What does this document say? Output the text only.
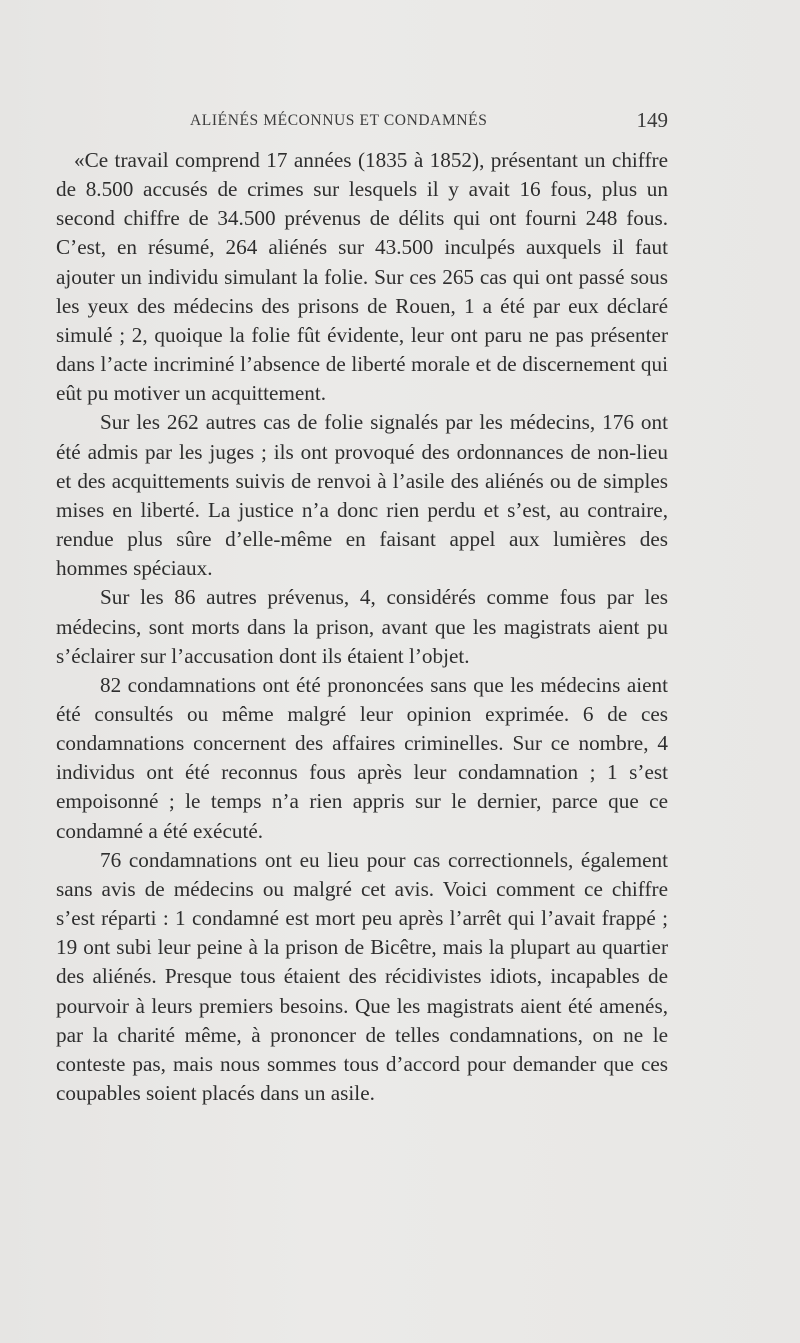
ALIÉNÉS MÉCONNUS ET CONDAMNÉS	149

«Ce travail comprend 17 années (1835 à 1852), présentant un chiffre de 8.500 accusés de crimes sur lesquels il y avait 16 fous, plus un second chiffre de 34.500 prévenus de délits qui ont fourni 248 fous. C’est, en résumé, 264 aliénés sur 43.500 inculpés auxquels il faut ajouter un individu simulant la folie. Sur ces 265 cas qui ont passé sous les yeux des médecins des prisons de Rouen, 1 a été par eux déclaré simulé ; 2, quoique la folie fût évidente, leur ont paru ne pas présenter dans l’acte incriminé l’absence de liberté morale et de discernement qui eût pu motiver un acquittement.

Sur les 262 autres cas de folie signalés par les médecins, 176 ont été admis par les juges ; ils ont provoqué des ordonnances de non-lieu et des acquittements suivis de renvoi à l’asile des aliénés ou de simples mises en liberté. La justice n’a donc rien perdu et s’est, au contraire, rendue plus sûre d’elle-même en faisant appel aux lumières des hommes spéciaux.

Sur les 86 autres prévenus, 4, considérés comme fous par les médecins, sont morts dans la prison, avant que les magistrats aient pu s’éclairer sur l’accusation dont ils étaient l’objet.

82 condamnations ont été prononcées sans que les médecins aient été consultés ou même malgré leur opinion exprimée. 6 de ces condamnations concernent des affaires criminelles. Sur ce nombre, 4 individus ont été reconnus fous après leur condamnation ; 1 s’est empoisonné ; le temps n’a rien appris sur le dernier, parce que ce condamné a été exécuté.

76 condamnations ont eu lieu pour cas correctionnels, également sans avis de médecins ou malgré cet avis. Voici comment ce chiffre s’est réparti : 1 condamné est mort peu après l’arrêt qui l’avait frappé ; 19 ont subi leur peine à la prison de Bicêtre, mais la plupart au quartier des aliénés. Presque tous étaient des récidivistes idiots, incapables de pourvoir à leurs premiers besoins. Que les magistrats aient été amenés, par la charité même, à prononcer de telles condamnations, on ne le conteste pas, mais nous sommes tous d’accord pour demander que ces coupables soient placés dans un asile.
